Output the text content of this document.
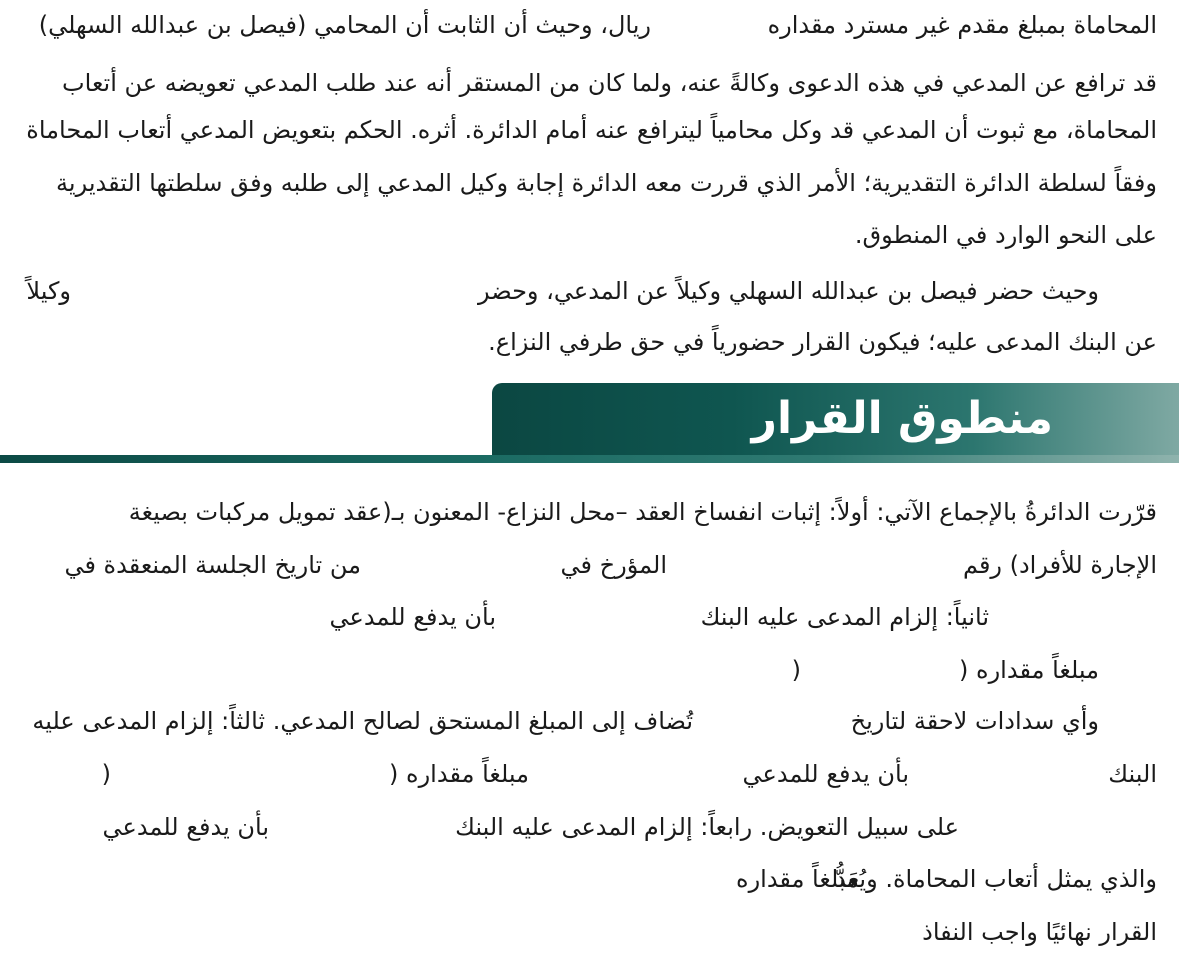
المحاماة بمبلغ مقدم غير مسترد مقداره
ريال، وحيث أن الثابت أن المحامي (فيصل بن عبدالله السهلي)
قد ترافع عن المدعي في هذه الدعوى وكالةً عنه، ولما كان من المستقر أنه عند طلب المدعي تعويضه عن أتعاب
المحاماة، مع ثبوت أن المدعي قد وكل محامياً ليترافع عنه أمام الدائرة. أثره. الحكم بتعويض المدعي أتعاب المحاماة
وفقاً لسلطة الدائرة التقديرية؛ الأمر الذي قررت معه الدائرة إجابة وكيل المدعي إلى طلبه وفق سلطتها التقديرية
على النحو الوارد في المنطوق.
وحيث حضر فيصل بن عبدالله السهلي وكيلاً عن المدعي، وحضر
وكيلاً
عن البنك المدعى عليه؛ فيكون القرار حضورياً في حق طرفي النزاع.
منطوق القرار
قرّرت الدائرةُ بالإجماع الآتي: أولاً: إثبات انفساخ العقد –محل النزاع- المعنون بـ(عقد تمويل مركبات بصيغة
الإجارة للأفراد) رقم
المؤرخ في
من تاريخ الجلسة المنعقدة في
ثانياً: إلزام المدعى عليه البنك
بأن يدفع للمدعي
مبلغاً مقداره (
)
وأي سدادات لاحقة لتاريخ
تُضاف إلى المبلغ المستحق لصالح المدعي. ثالثاً: إلزام المدعى عليه
البنك
بأن يدفع للمدعي
مبلغاً مقداره (
)
على سبيل التعويض. رابعاً: إلزام المدعى عليه البنك
بأن يدفع للمدعي
مبلغاً مقداره
والذي يمثل أتعاب المحاماة. ويُعَدُّ
القرار نهائيًا واجب النفاذ
